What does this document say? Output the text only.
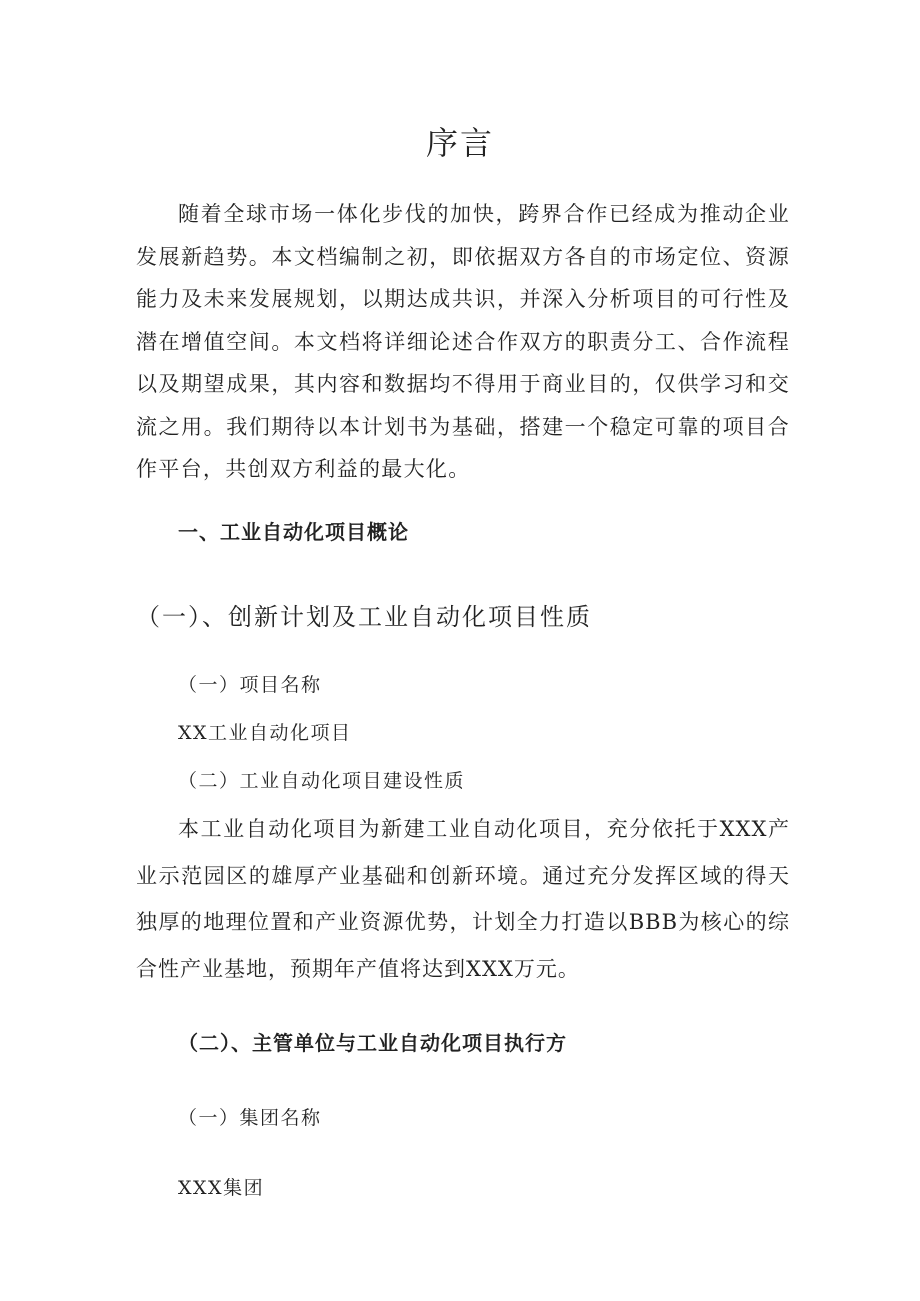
序言

随着全球市场一体化步伐的加快，跨界合作已经成为推动企业发展新趋势。本文档编制之初，即依据双方各自的市场定位、资源能力及未来发展规划，以期达成共识，并深入分析项目的可行性及潜在增值空间。本文档将详细论述合作双方的职责分工、合作流程以及期望成果，其内容和数据均不得用于商业目的，仅供学习和交流之用。我们期待以本计划书为基础，搭建一个稳定可靠的项目合作平台，共创双方利益的最大化。

一、工业自动化项目概论
（一）、创新计划及工业自动化项目性质

（一）项目名称

XX工业自动化项目

（二）工业自动化项目建设性质

本工业自动化项目为新建工业自动化项目，充分依托于XXX产业示范园区的雄厚产业基础和创新环境。通过充分发挥区域的得天独厚的地理位置和产业资源优势，计划全力打造以BBB为核心的综合性产业基地，预期年产值将达到XXX万元。

（二）、主管单位与工业自动化项目执行方

（一）集团名称

XXX集团
